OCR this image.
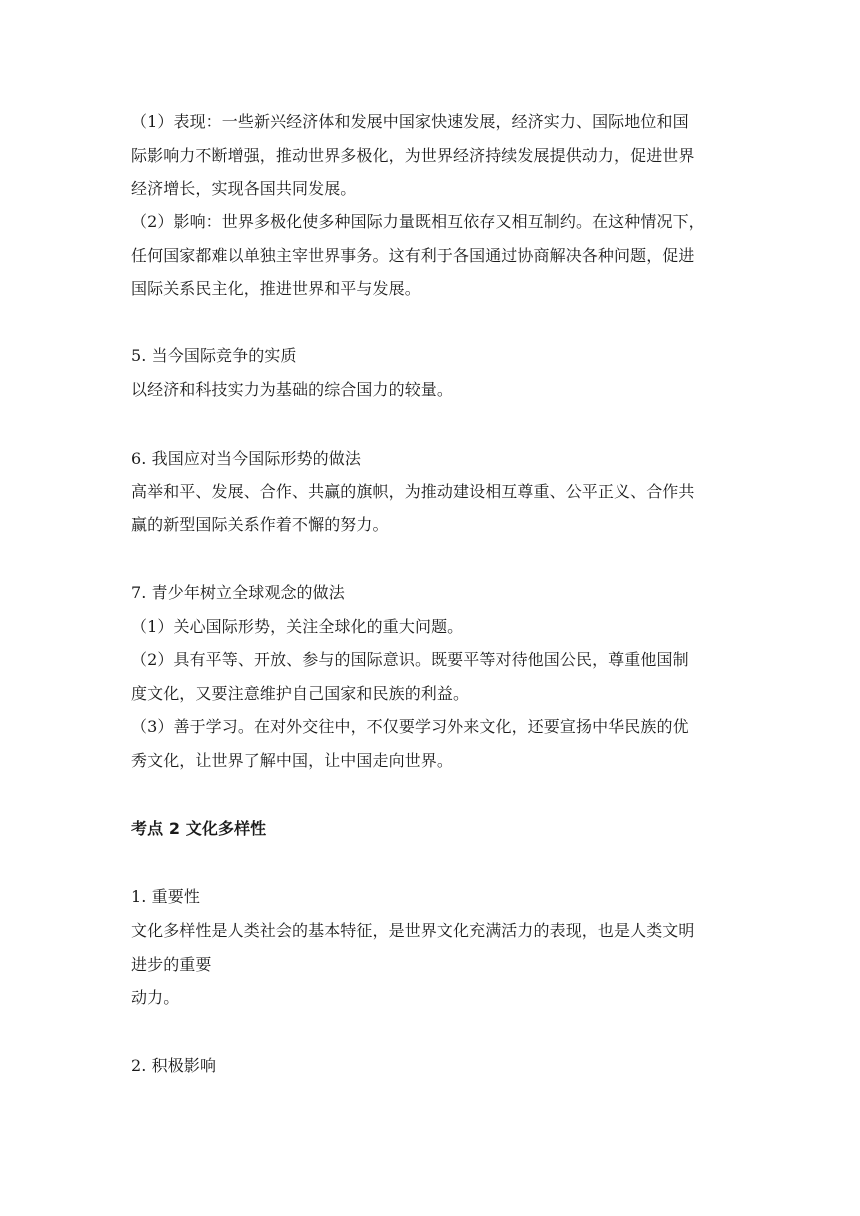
（1）表现：一些新兴经济体和发展中国家快速发展，经济实力、国际地位和国
际影响力不断增强，推动世界多极化，为世界经济持续发展提供动力，促进世界
经济增长，实现各国共同发展。
（2）影响：世界多极化使多种国际力量既相互依存又相互制约。在这种情况下，
任何国家都难以单独主宰世界事务。这有利于各国通过协商解决各种问题，促进
国际关系民主化，推进世界和平与发展。
5. 当今国际竞争的实质
以经济和科技实力为基础的综合国力的较量。
6. 我国应对当今国际形势的做法
高举和平、发展、合作、共赢的旗帜，为推动建设相互尊重、公平正义、合作共
赢的新型国际关系作着不懈的努力。
7. 青少年树立全球观念的做法
（1）关心国际形势，关注全球化的重大问题。
（2）具有平等、开放、参与的国际意识。既要平等对待他国公民，尊重他国制
度文化，又要注意维护自己国家和民族的利益。
（3）善于学习。在对外交往中，不仅要学习外来文化，还要宣扬中华民族的优
秀文化，让世界了解中国，让中国走向世界。
考点 2 文化多样性
1. 重要性
文化多样性是人类社会的基本特征，是世界文化充满活力的表现，也是人类文明
进步的重要
动力。
2. 积极影响
